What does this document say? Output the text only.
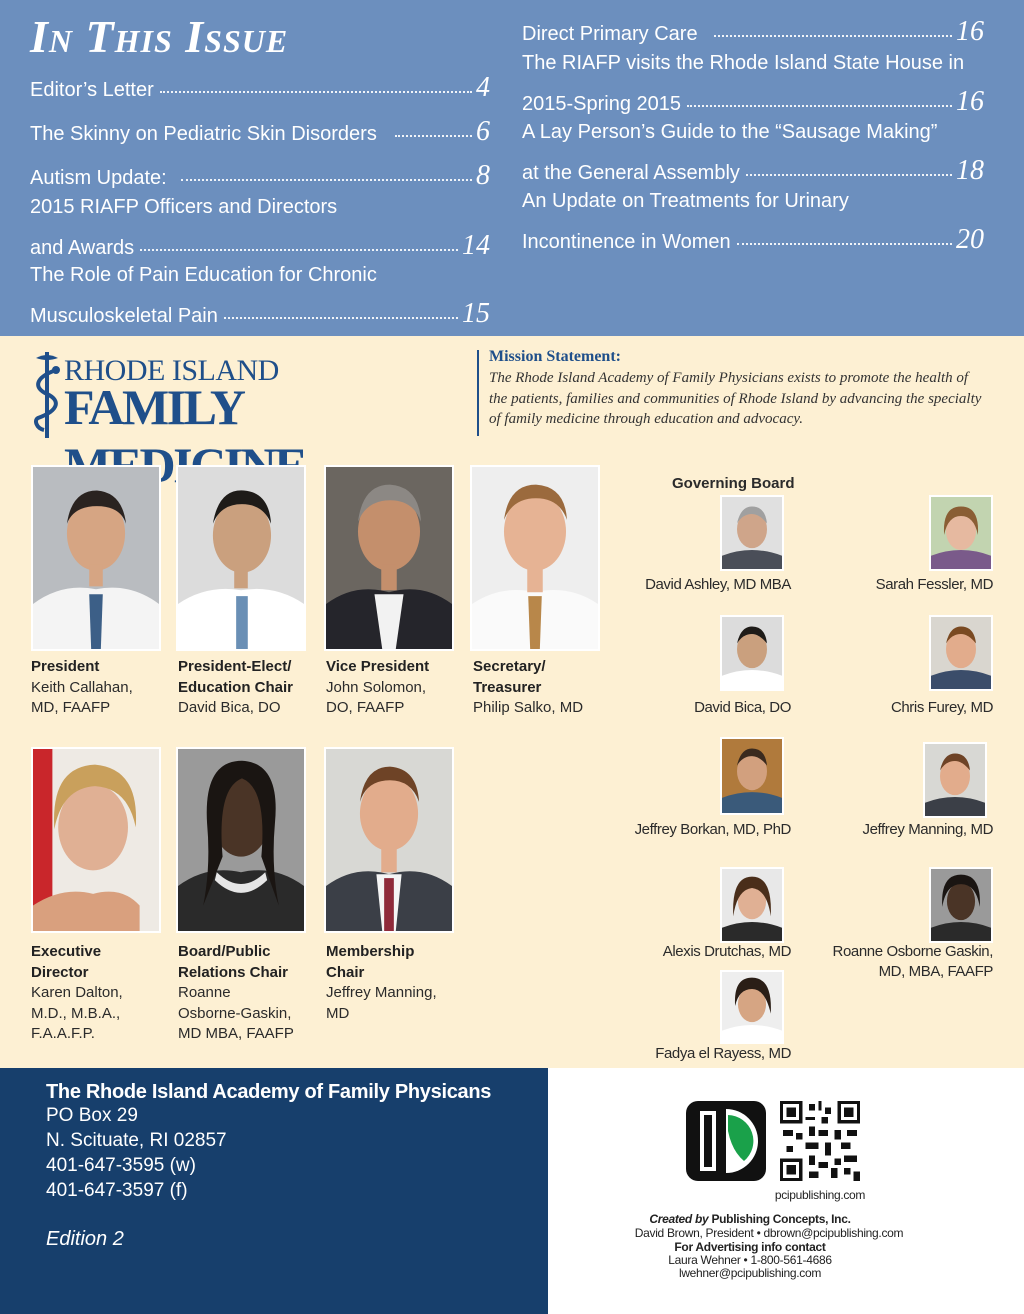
In This Issue
Editor’s Letter	4
The Skinny on Pediatric Skin Disorders	6
Autism Update:	8
2015 RIAFP Officers and Directors
and Awards	14
The Role of Pain Education for Chronic
Musculoskeletal Pain	15
Direct Primary Care	16
The RIAFP visits the Rhode Island State House in
2015-Spring 2015	16
A Lay Person’s Guide to the “Sausage Making”
at the General Assembly	18
An Update on Treatments for Urinary
Incontinence in Women	20
RHODE ISLAND
FAMILY
Mission Statement:
The Rhode Island Academy of Family Physicians exists to promote the health of the patients, families and communities of Rhode Island by advancing the specialty of family medicine through education and advocacy.
President
Keith Callahan,
MD, FAAFP
President-Elect/
Education Chair
David Bica, DO
Vice President
John Solomon,
DO, FAAFP
Secretary/
Treasurer
Philip Salko, MD
Executive
Director
Karen Dalton,
M.D., M.B.A.,
F.A.A.F.P.
Board/Public
Relations Chair
Roanne
Osborne-Gaskin,
MD MBA, FAAFP
Membership
Chair
Jeffrey Manning,
MD
Governing Board
David Ashley, MD MBA	Sarah Fessler, MD
David Bica, DO	Chris Furey, MD
Jeffrey Borkan, MD, PhD	Jeffrey Manning, MD
Alexis Drutchas, MD	Roanne Osborne Gaskin,
MD, MBA, FAAFP
Fadya el Rayess, MD
The Rhode Island Academy of Family Physicans
PO Box 29
N. Scituate, RI 02857
401-647-3595 (w)
401-647-3597 (f)
Edition 2
pcipublishing.com
Created by Publishing Concepts, Inc.
David Brown, President • dbrown@pcipublishing.com
For Advertising info contact
Laura Wehner • 1-800-561-4686
lwehner@pcipublishing.com
